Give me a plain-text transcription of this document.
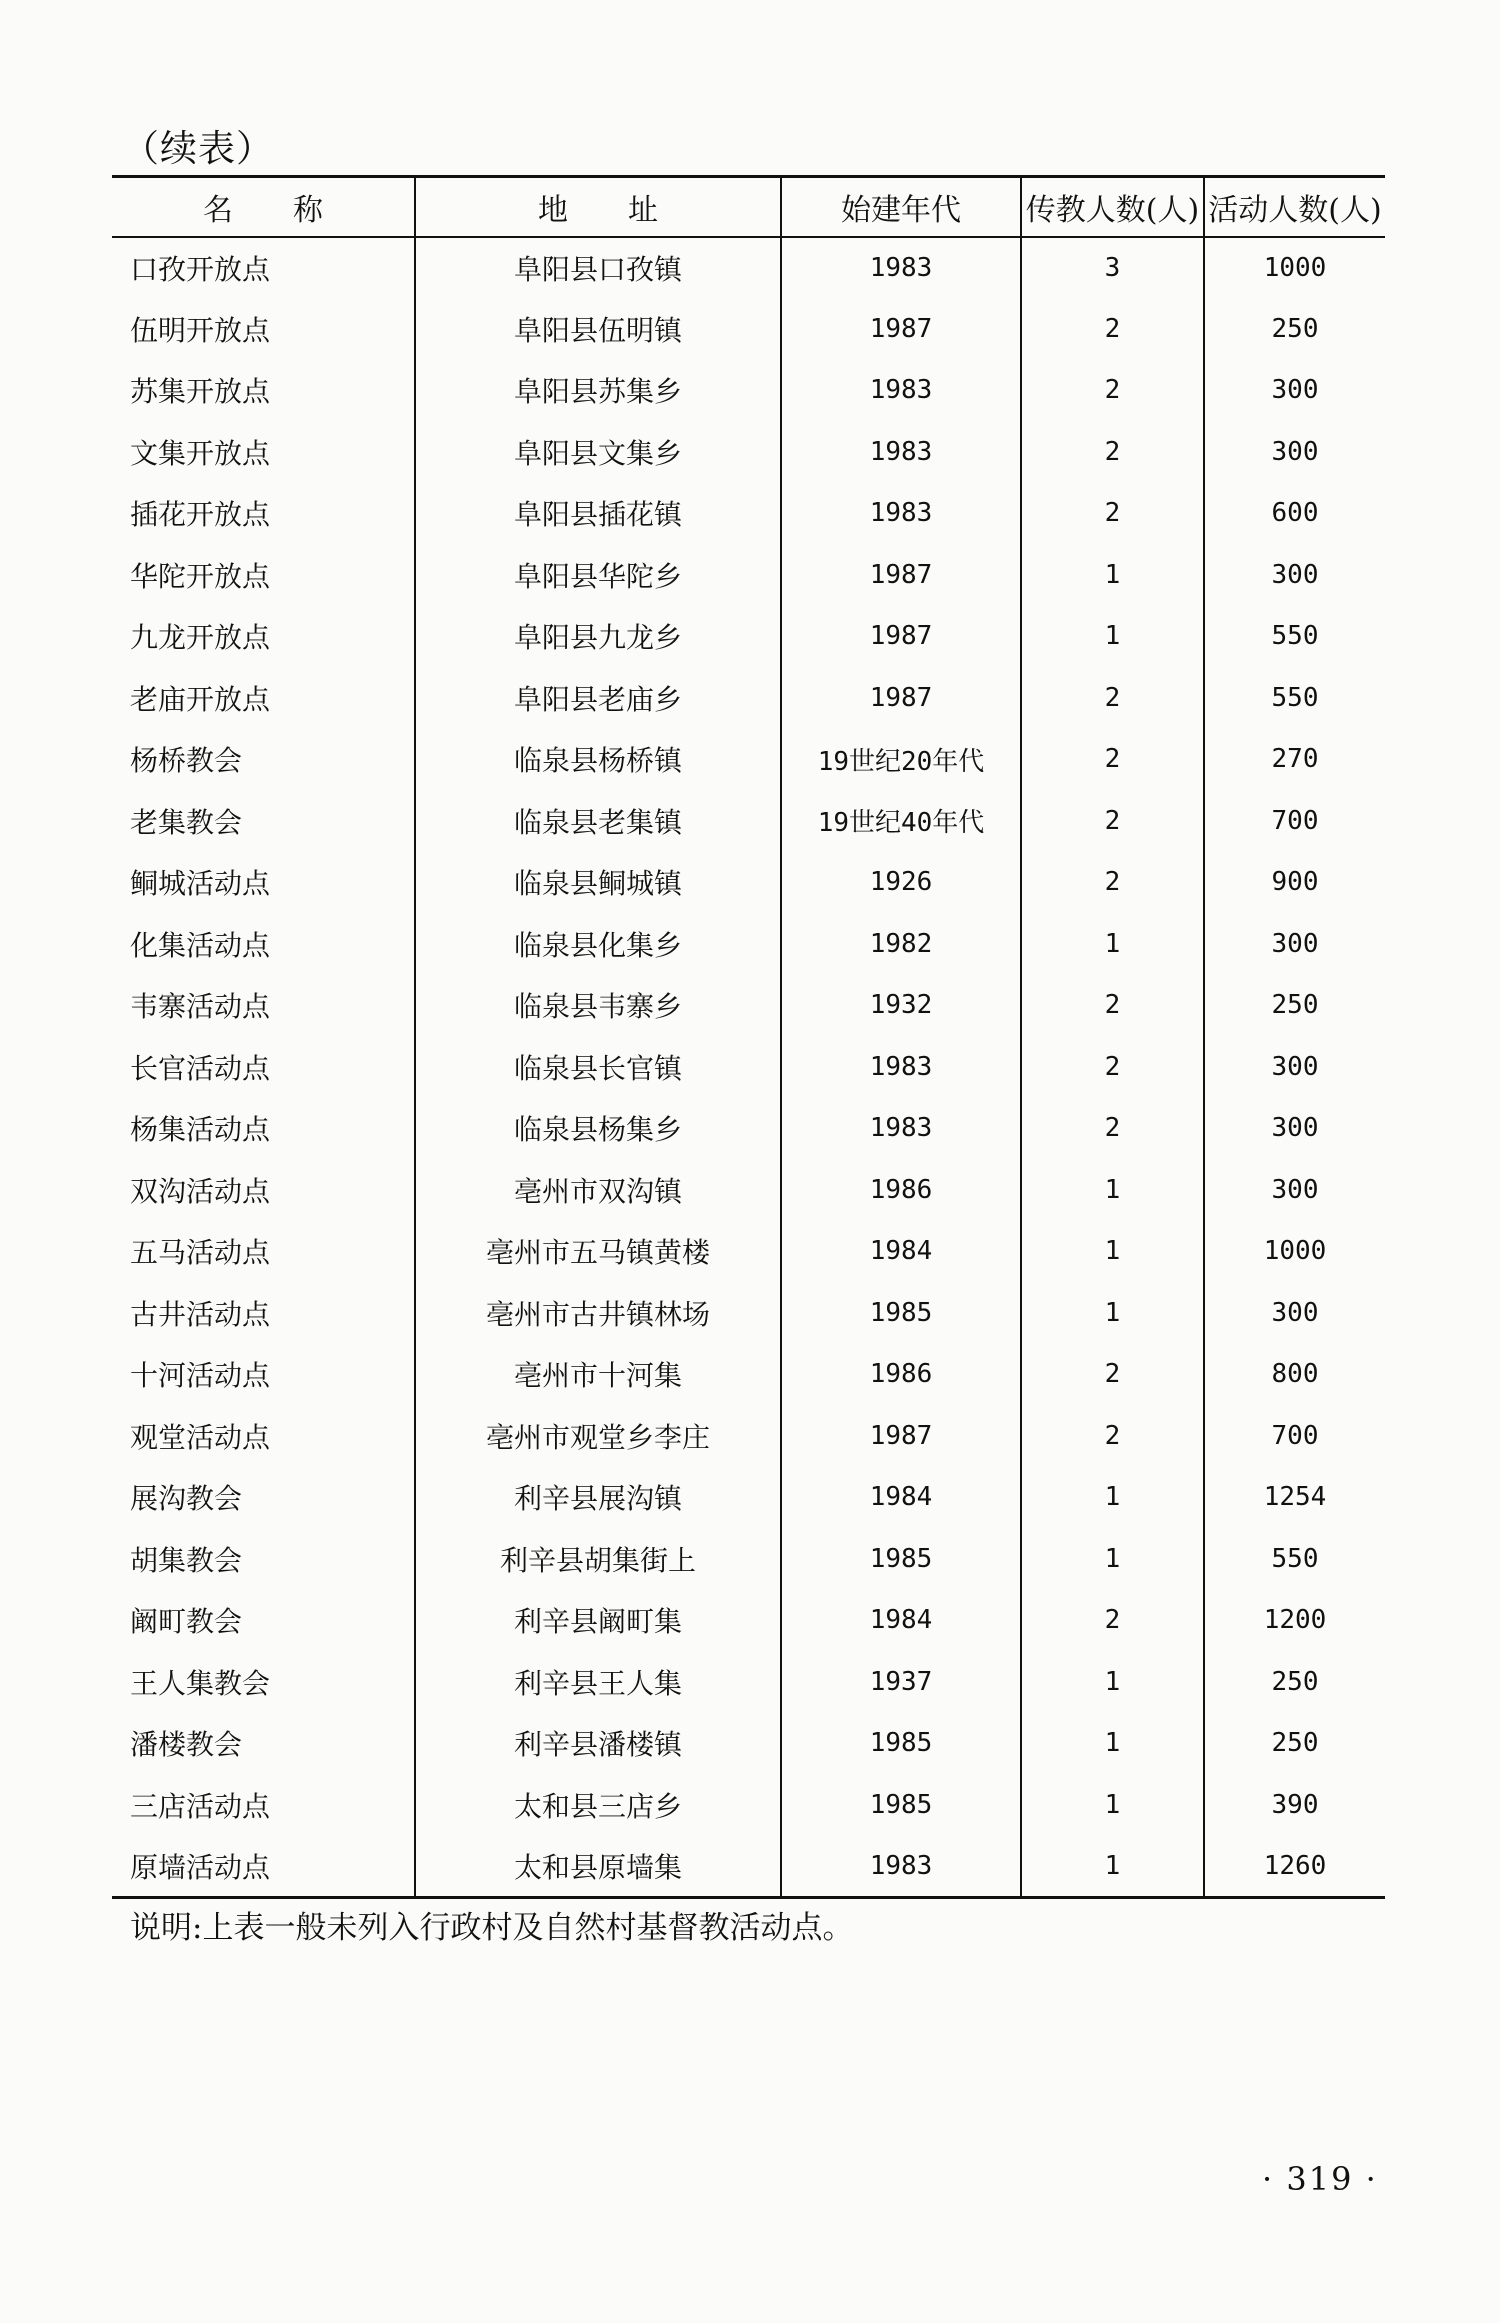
（续表）
名　　称	地　　址	始建年代	传教人数(人)	活动人数(人)
口孜开放点	阜阳县口孜镇	1983	3	1000
伍明开放点	阜阳县伍明镇	1987	2	250
苏集开放点	阜阳县苏集乡	1983	2	300
文集开放点	阜阳县文集乡	1983	2	300
插花开放点	阜阳县插花镇	1983	2	600
华陀开放点	阜阳县华陀乡	1987	1	300
九龙开放点	阜阳县九龙乡	1987	1	550
老庙开放点	阜阳县老庙乡	1987	2	550
杨桥教会	临泉县杨桥镇	19世纪20年代	2	270
老集教会	临泉县老集镇	19世纪40年代	2	700
鲖城活动点	临泉县鲖城镇	1926	2	900
化集活动点	临泉县化集乡	1982	1	300
韦寨活动点	临泉县韦寨乡	1932	2	250
长官活动点	临泉县长官镇	1983	2	300
杨集活动点	临泉县杨集乡	1983	2	300
双沟活动点	亳州市双沟镇	1986	1	300
五马活动点	亳州市五马镇黄楼	1984	1	1000
古井活动点	亳州市古井镇林场	1985	1	300
十河活动点	亳州市十河集	1986	2	800
观堂活动点	亳州市观堂乡李庄	1987	2	700
展沟教会	利辛县展沟镇	1984	1	1254
胡集教会	利辛县胡集街上	1985	1	550
阚町教会	利辛县阚町集	1984	2	1200
王人集教会	利辛县王人集	1937	1	250
潘楼教会	利辛县潘楼镇	1985	1	250
三店活动点	太和县三店乡	1985	1	390
原墙活动点	太和县原墙集	1983	1	1260
说明:上表一般未列入行政村及自然村基督教活动点。
· 319 ·
